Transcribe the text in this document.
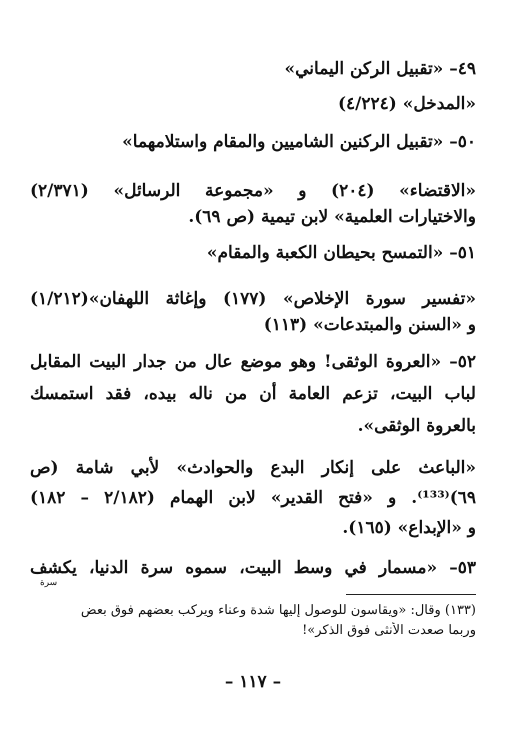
٤٩– «تقبيل الركن اليماني»
«المدخل» (٤/٢٢٤)
٥٠– «تقبيل الركنين الشاميين والمقام واستلامهما»
«الاقتضاء» (٢٠٤) و «مجموعة الرسائل» (٢/٣٧١)
والاختيارات العلمية» لابن تيمية (ص ٦٩).
٥١– «التمسح بحيطان الكعبة والمقام»
«تفسير سورة الإخلاص» (١٧٧) وإغاثة اللهفان»(١/٢١٢)
و «السنن والمبتدعات» (١١٣)
٥٢– «العروة الوثقى! وهو موضع عال من جدار البيت المقابل
لباب البيت، تزعم العامة أن من ناله بيده، فقد استمسك
بالعروة الوثقى».
«الباعث على إنكار البدع والحوادث» لأبي شامة (ص
٦٩)⁽¹³³⁾. و «فتح القدير» لابن الهمام (٢/١٨٢ – ١٨٢)
و «الإبداع» (١٦٥).
٥٣– «مسمار في وسط البيت، سموه سرة الدنيا، يكشف
سرة
(١٣٣) وقال: «ويقاسون للوصول إليها شدة وعناء ويركب بعضهم فوق بعض
وربما صعدت الأنثى فوق الذكر»!
– ١١٧ –
